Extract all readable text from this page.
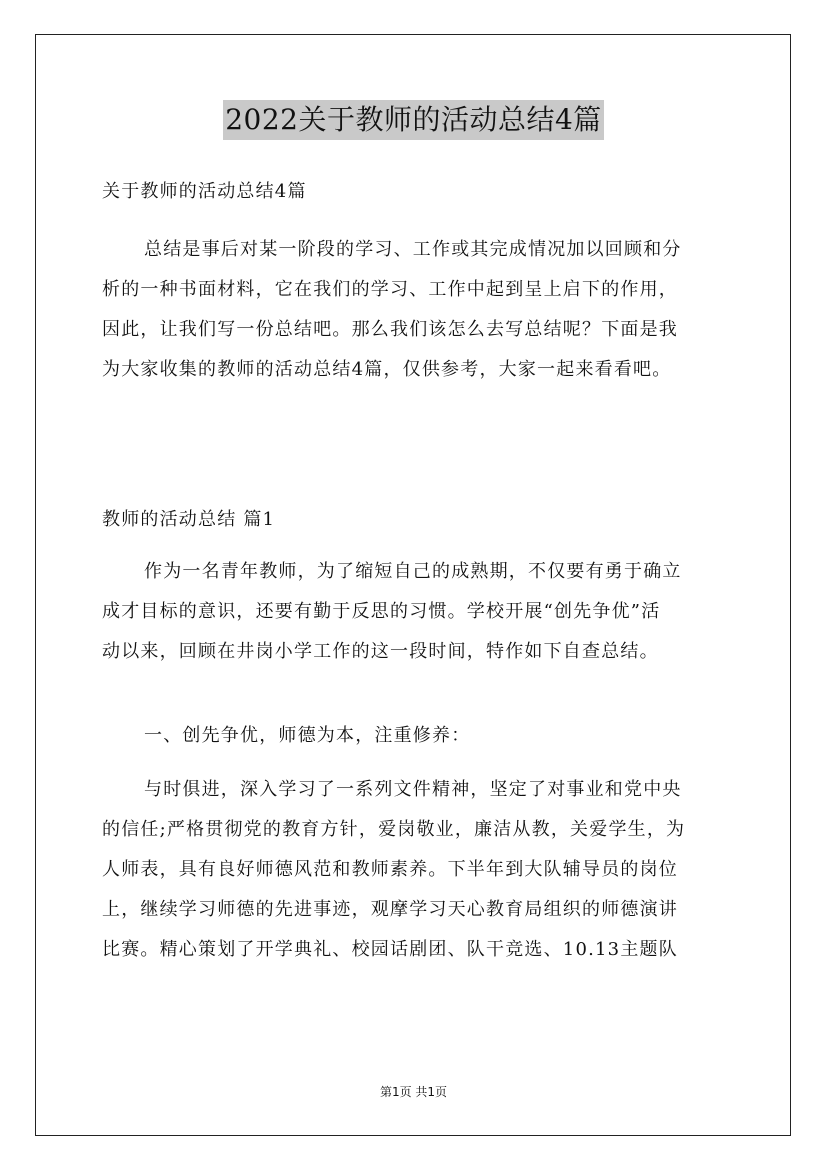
2022关于教师的活动总结4篇
关于教师的活动总结4篇
总结是事后对某一阶段的学习、工作或其完成情况加以回顾和分
析的一种书面材料，它在我们的学习、工作中起到呈上启下的作用，
因此，让我们写一份总结吧。那么我们该怎么去写总结呢？下面是我
为大家收集的教师的活动总结4篇，仅供参考，大家一起来看看吧。
教师的活动总结 篇1
作为一名青年教师，为了缩短自己的成熟期，不仅要有勇于确立
成才目标的意识，还要有勤于反思的习惯。学校开展“创先争优”活
动以来，回顾在井岗小学工作的这一段时间，特作如下自查总结。
一、创先争优，师德为本，注重修养：
与时俱进，深入学习了一系列文件精神，坚定了对事业和党中央
的信任;严格贯彻党的教育方针，爱岗敬业，廉洁从教，关爱学生，为
人师表，具有良好师德风范和教师素养。下半年到大队辅导员的岗位
上，继续学习师德的先进事迹，观摩学习天心教育局组织的师德演讲
比赛。精心策划了开学典礼、校园话剧团、队干竞选、10.13主题队
第1页 共1页
